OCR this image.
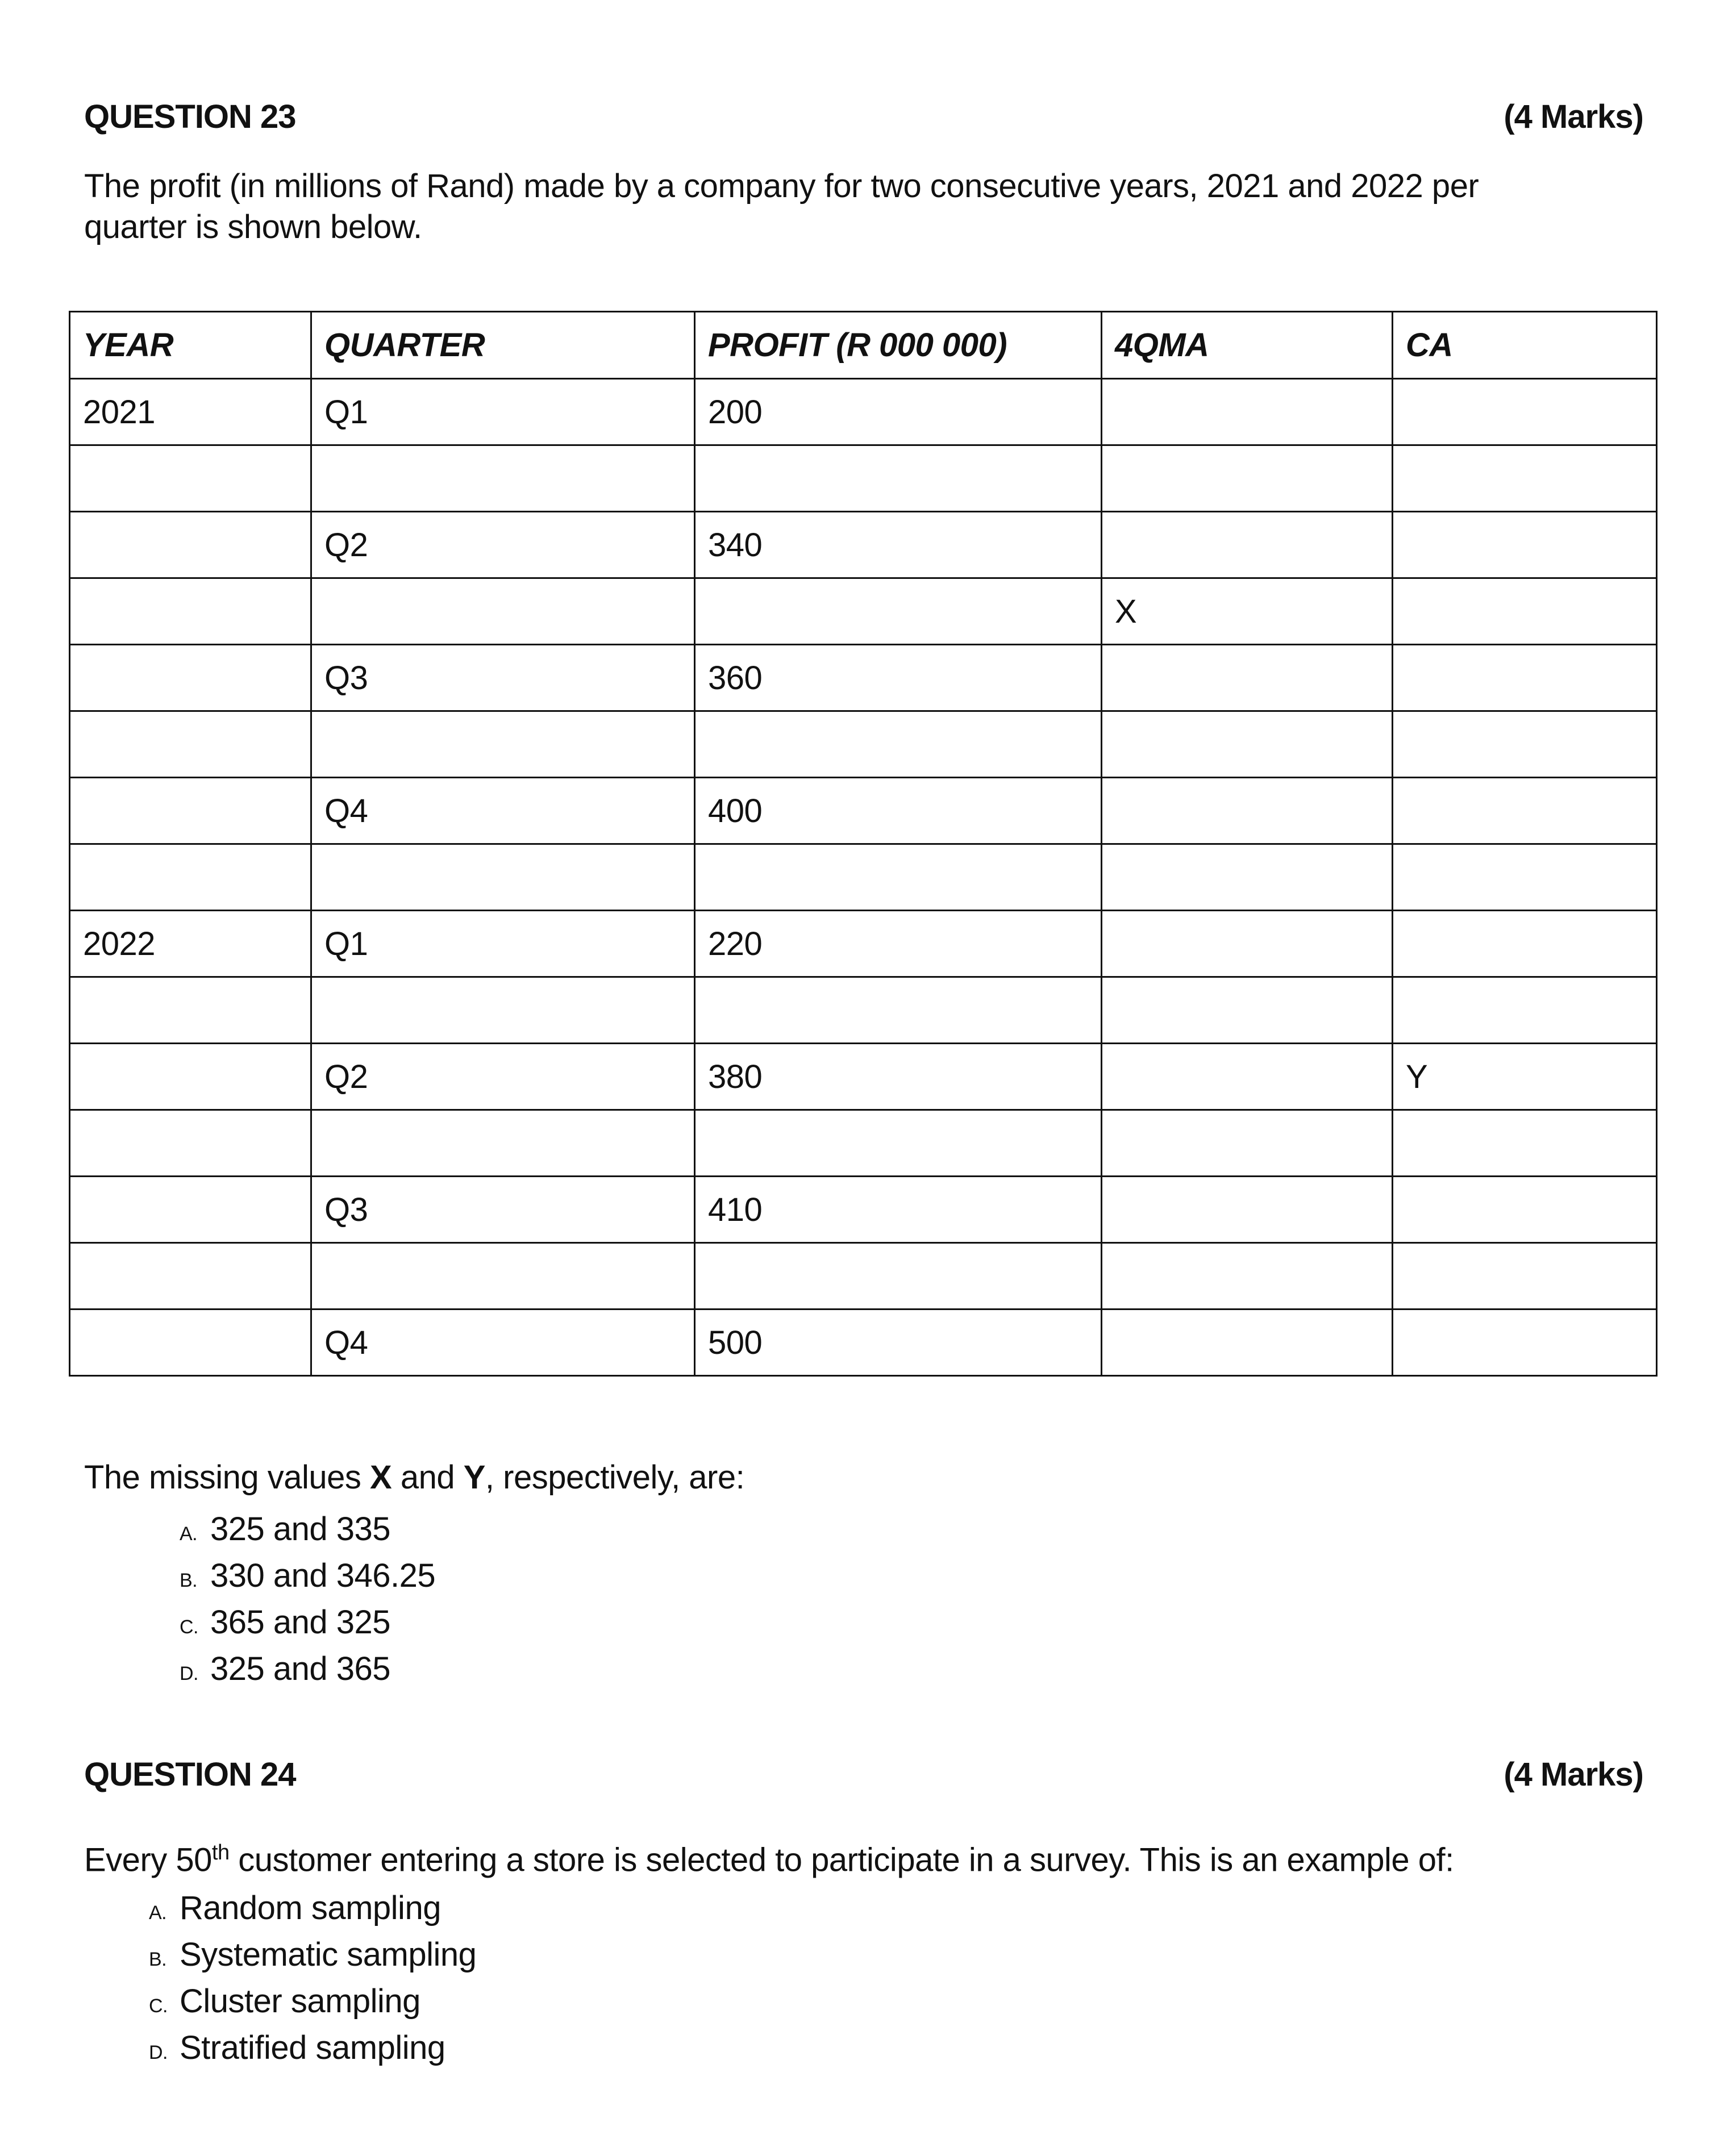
QUESTION 23	(4 Marks)
The profit (in millions of Rand) made by a company for two consecutive years, 2021 and 2022 per quarter is shown below.
YEAR	QUARTER	PROFIT (R 000 000)	4QMA	CA
2021	Q1	200		

	Q2	340		
			X	
	Q3	360		

	Q4	400		

2022	Q1	220		

	Q2	380		Y

	Q3	410		

	Q4	500		
The missing values X and Y, respectively, are:
A. 325 and 335
B. 330 and 346.25
C. 365 and 325
D. 325 and 365
QUESTION 24	(4 Marks)
Every 50th customer entering a store is selected to participate in a survey. This is an example of:
A. Random sampling
B. Systematic sampling
C. Cluster sampling
D. Stratified sampling
